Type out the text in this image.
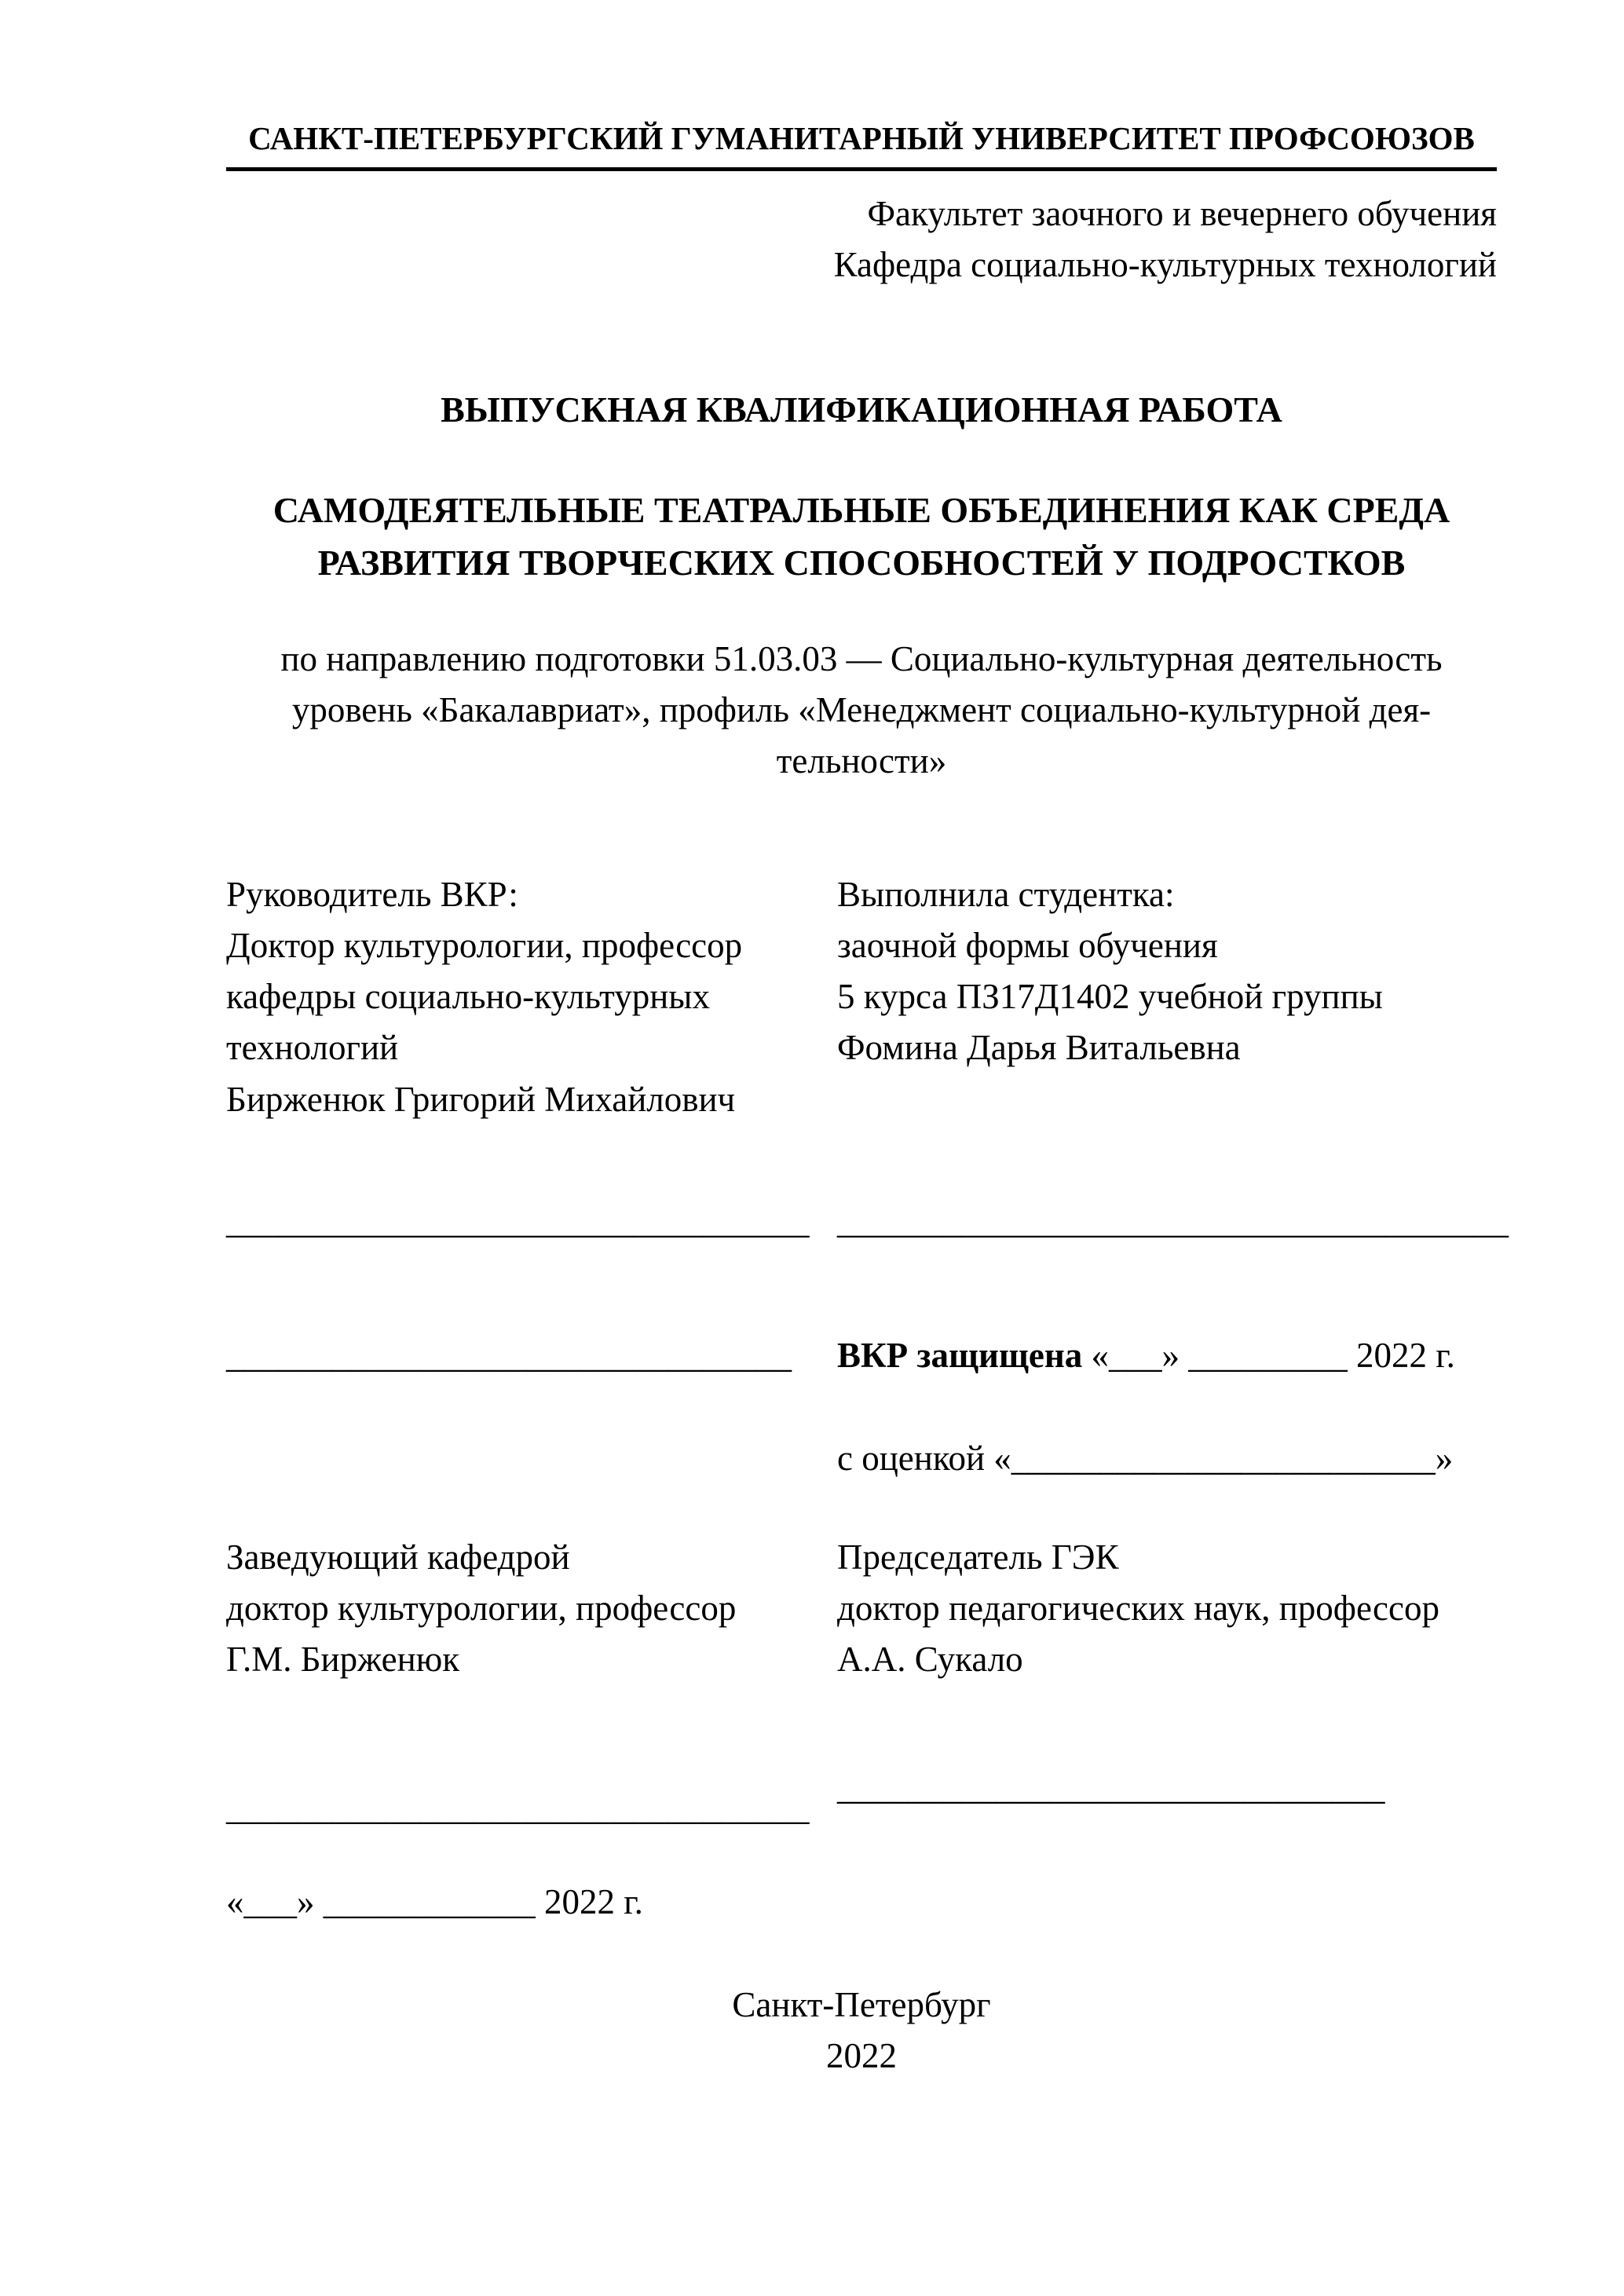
САНКТ-ПЕТЕРБУРГСКИЙ ГУМАНИТАРНЫЙ УНИВЕРСИТЕТ ПРОФСОЮЗОВ
Факультет заочного и вечернего обучения
Кафедра социально-культурных технологий
ВЫПУСКНАЯ КВАЛИФИКАЦИОННАЯ РАБОТА
САМОДЕЯТЕЛЬНЫЕ ТЕАТРАЛЬНЫЕ ОБЪЕДИНЕНИЯ КАК СРЕДА
РАЗВИТИЯ ТВОРЧЕСКИХ СПОСОБНОСТЕЙ У ПОДРОСТКОВ
по направлению подготовки 51.03.03 — Социально-культурная деятельность
уровень «Бакалавриат», профиль «Менеджмент социально-культурной дея-
тельности»
Руководитель ВКР:
Доктор культурологии, профессор
кафедры социально-культурных
технологий
Бирженюк Григорий Михайлович
Выполнила студентка:
заочной формы обучения
5 курса ПЗ17Д1402 учебной группы
Фомина Дарья Витальевна
_________________________________ ______________________________________
________________________________	ВКР защищена «___» _________ 2022 г.
с оценкой «________________________»
Заведующий кафедрой
доктор культурологии, профессор
Г.М. Бирженюк
Председатель ГЭК
доктор педагогических наук, профессор
А.А. Сукало
_________________________________
_______________________________
«___» ____________ 2022 г.
Санкт-Петербург
2022
